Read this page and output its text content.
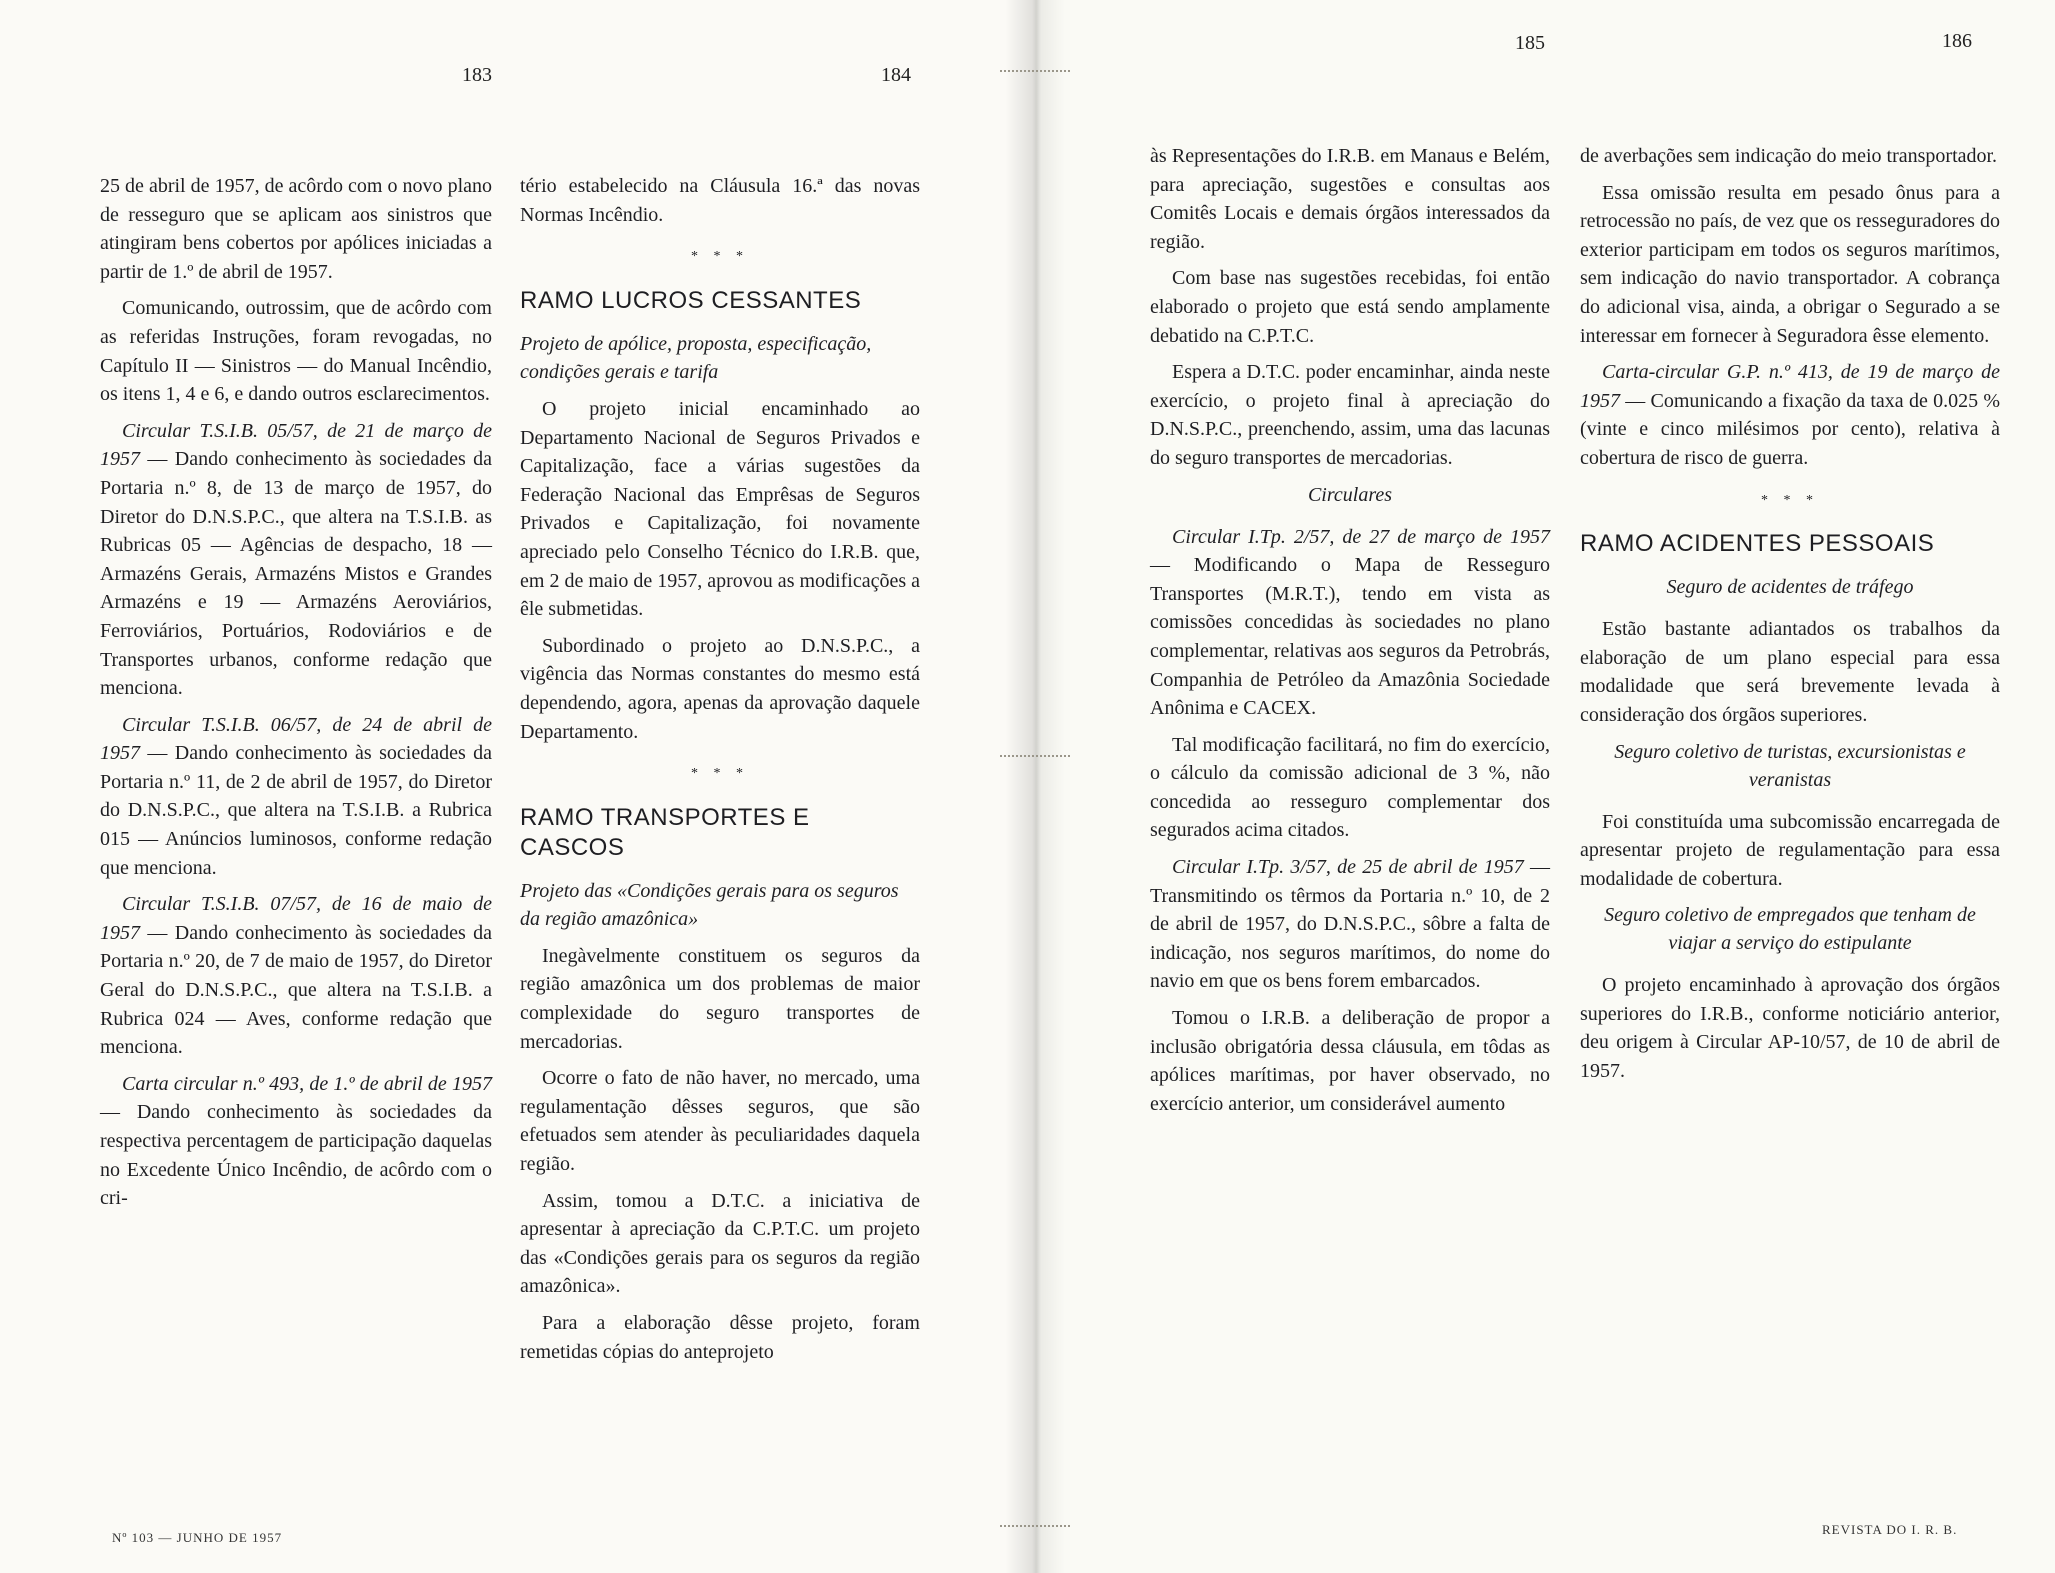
183	184
185	186

25 de abril de 1957, de acôrdo com o novo plano de resseguro que se aplicam aos sinistros que atingiram bens cobertos por apólices iniciadas a partir de 1.º de abril de 1957.

Comunicando, outrossim, que de acôrdo com as referidas Instruções, foram revogadas, no Capítulo II — Sinistros — do Manual Incêndio, os itens 1, 4 e 6, e dando outros esclarecimentos.

Circular T.S.I.B. 05/57, de 21 de março de 1957 — Dando conhecimento às sociedades da Portaria n.º 8, de 13 de março de 1957, do Diretor do D.N.S.P.C., que altera na T.S.I.B. as Rubricas 05 — Agências de despacho, 18 — Armazéns Gerais, Armazéns Mistos e Grandes Armazéns e 19 — Armazéns Aeroviários, Ferroviários, Portuários, Rodoviários e de Transportes urbanos, conforme redação que menciona.

Circular T.S.I.B. 06/57, de 24 de abril de 1957 — Dando conhecimento às sociedades da Portaria n.º 11, de 2 de abril de 1957, do Diretor do D.N.S.P.C., que altera na T.S.I.B. a Rubrica 015 — Anúncios luminosos, conforme redação que menciona.

Circular T.S.I.B. 07/57, de 16 de maio de 1957 — Dando conhecimento às sociedades da Portaria n.º 20, de 7 de maio de 1957, do Diretor Geral do D.N.S.P.C., que altera na T.S.I.B. a Rubrica 024 — Aves, conforme redação que menciona.

Carta circular n.º 493, de 1.º de abril de 1957 — Dando conhecimento às sociedades da respectiva percentagem de participação daquelas no Excedente Único Incêndio, de acôrdo com o cri-

tério estabelecido na Cláusula 16.ª das novas Normas Incêndio.

* * *
RAMO LUCROS CESSANTES

Projeto de apólice, proposta, especificação, condições gerais e tarifa

O projeto inicial encaminhado ao Departamento Nacional de Seguros Privados e Capitalização, face a várias sugestões da Federação Nacional das Emprêsas de Seguros Privados e Capitalização, foi novamente apreciado pelo Conselho Técnico do I.R.B. que, em 2 de maio de 1957, aprovou as modificações a êle submetidas.

Subordinado o projeto ao D.N.S.P.C., a vigência das Normas constantes do mesmo está dependendo, agora, apenas da aprovação daquele Departamento.

* * *
RAMO TRANSPORTES E CASCOS

Projeto das «Condições gerais para os seguros da região amazônica»

Inegàvelmente constituem os seguros da região amazônica um dos problemas de maior complexidade do seguro transportes de mercadorias.

Ocorre o fato de não haver, no mercado, uma regulamentação dêsses seguros, que são efetuados sem atender às peculiaridades daquela região.

Assim, tomou a D.T.C. a iniciativa de apresentar à apreciação da C.P.T.C. um projeto das «Condições gerais para os seguros da região amazônica».

Para a elaboração dêsse projeto, foram remetidas cópias do anteprojeto

às Representações do I.R.B. em Manaus e Belém, para apreciação, sugestões e consultas aos Comitês Locais e demais órgãos interessados da região.

Com base nas sugestões recebidas, foi então elaborado o projeto que está sendo amplamente debatido na C.P.T.C.

Espera a D.T.C. poder encaminhar, ainda neste exercício, o projeto final à apreciação do D.N.S.P.C., preenchendo, assim, uma das lacunas do seguro transportes de mercadorias.

Circulares

Circular I.Tp. 2/57, de 27 de março de 1957 — Modificando o Mapa de Resseguro Transportes (M.R.T.), tendo em vista as comissões concedidas às sociedades no plano complementar, relativas aos seguros da Petrobrás, Companhia de Petróleo da Amazônia Sociedade Anônima e CACEX.

Tal modificação facilitará, no fim do exercício, o cálculo da comissão adicional de 3 %, não concedida ao resseguro complementar dos segurados acima citados.

Circular I.Tp. 3/57, de 25 de abril de 1957 — Transmitindo os têrmos da Portaria n.º 10, de 2 de abril de 1957, do D.N.S.P.C., sôbre a falta de indicação, nos seguros marítimos, do nome do navio em que os bens forem embarcados.

Tomou o I.R.B. a deliberação de propor a inclusão obrigatória dessa cláusula, em tôdas as apólices marítimas, por haver observado, no exercício anterior, um considerável aumento

de averbações sem indicação do meio transportador.

Essa omissão resulta em pesado ônus para a retrocessão no país, de vez que os resseguradores do exterior participam em todos os seguros marítimos, sem indicação do navio transportador. A cobrança do adicional visa, ainda, a obrigar o Segurado a se interessar em fornecer à Seguradora êsse elemento.

Carta-circular G.P. n.º 413, de 19 de março de 1957 — Comunicando a fixação da taxa de 0.025 % (vinte e cinco milésimos por cento), relativa à cobertura de risco de guerra.

* * *
RAMO ACIDENTES PESSOAIS
Seguro de acidentes de tráfego

Estão bastante adiantados os trabalhos da elaboração de um plano especial para essa modalidade que será brevemente levada à consideração dos órgãos superiores.

Seguro coletivo de turistas, excursionistas e veranistas

Foi constituída uma subcomissão encarregada de apresentar projeto de regulamentação para essa modalidade de cobertura.

Seguro coletivo de empregados que tenham de viajar a serviço do estipulante

O projeto encaminhado à aprovação dos órgãos superiores do I.R.B., conforme noticiário anterior, deu origem à Circular AP-10/57, de 10 de abril de 1957.

Nº 103 — JUNHO DE 1957
REVISTA DO I. R. B.
